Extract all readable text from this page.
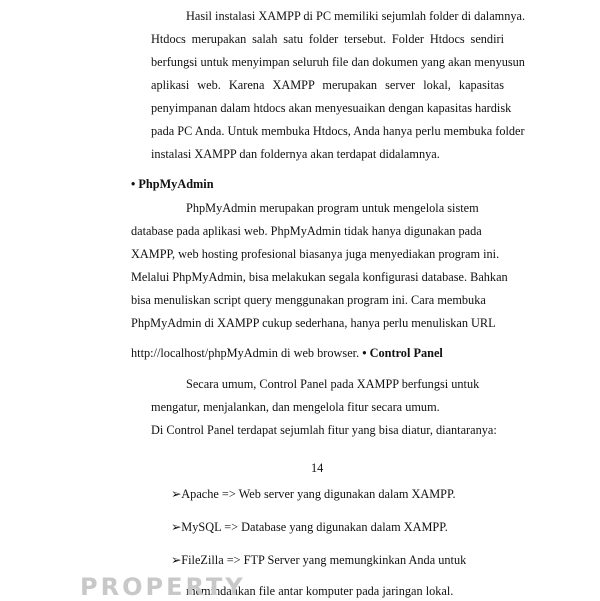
Hasil instalasi XAMPP di PC memiliki sejumlah folder di dalamnya.
Htdocs merupakan salah satu folder tersebut. Folder Htdocs sendiri
berfungsi untuk menyimpan seluruh file dan dokumen yang akan menyusun
aplikasi web. Karena XAMPP merupakan server lokal, kapasitas
penyimpanan dalam htdocs akan menyesuaikan dengan kapasitas hardisk
pada PC Anda. Untuk membuka Htdocs, Anda hanya perlu membuka folder
instalasi XAMPP dan foldernya akan terdapat didalamnya.
• PhpMyAdmin
PhpMyAdmin merupakan program untuk mengelola sistem
database pada aplikasi web. PhpMyAdmin tidak hanya digunakan pada
XAMPP, web hosting profesional biasanya juga menyediakan program ini.
Melalui PhpMyAdmin, bisa melakukan segala konfigurasi database. Bahkan
bisa menuliskan script query menggunakan program ini. Cara membuka
PhpMyAdmin di XAMPP cukup sederhana, hanya perlu menuliskan URL
http://localhost/phpMyAdmin di web browser. • Control Panel
Secara umum, Control Panel pada XAMPP berfungsi untuk
mengatur, menjalankan, dan mengelola fitur secara umum.
Di Control Panel terdapat sejumlah fitur yang bisa diatur, diantaranya:
14
➢Apache => Web server yang digunakan dalam XAMPP.
➢MySQL => Database yang digunakan dalam XAMPP.
➢FileZilla => FTP Server yang memungkinkan Anda untuk
memindahkan file antar komputer pada jaringan lokal.
PROPERTY
